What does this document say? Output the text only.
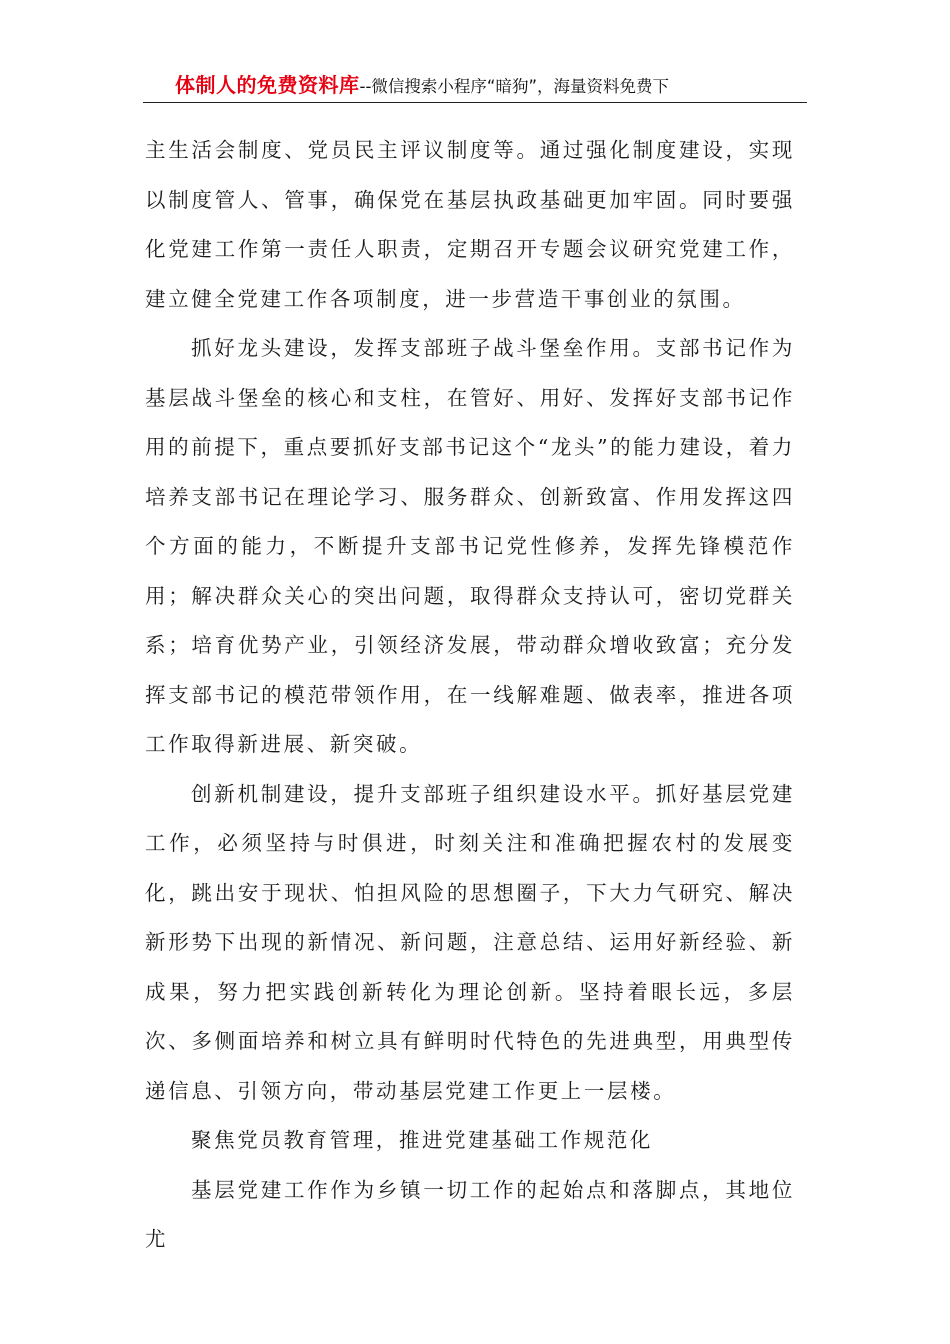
体制人的免费资料库--微信搜索小程序“暗狗”，海量资料免费下

主生活会制度、党员民主评议制度等。通过强化制度建设，实现以制度管人、管事，确保党在基层执政基础更加牢固。同时要强化党建工作第一责任人职责，定期召开专题会议研究党建工作，建立健全党建工作各项制度，进一步营造干事创业的氛围。

抓好龙头建设，发挥支部班子战斗堡垒作用。支部书记作为基层战斗堡垒的核心和支柱，在管好、用好、发挥好支部书记作用的前提下，重点要抓好支部书记这个“龙头”的能力建设，着力培养支部书记在理论学习、服务群众、创新致富、作用发挥这四个方面的能力，不断提升支部书记党性修养，发挥先锋模范作用；解决群众关心的突出问题，取得群众支持认可，密切党群关系；培育优势产业，引领经济发展，带动群众增收致富；充分发挥支部书记的模范带领作用，在一线解难题、做表率，推进各项工作取得新进展、新突破。

创新机制建设，提升支部班子组织建设水平。抓好基层党建工作，必须坚持与时俱进，时刻关注和准确把握农村的发展变化，跳出安于现状、怕担风险的思想圈子，下大力气研究、解决新形势下出现的新情况、新问题，注意总结、运用好新经验、新成果，努力把实践创新转化为理论创新。坚持着眼长远，多层次、多侧面培养和树立具有鲜明时代特色的先进典型，用典型传递信息、引领方向，带动基层党建工作更上一层楼。

聚焦党员教育管理，推进党建基础工作规范化

基层党建工作作为乡镇一切工作的起始点和落脚点，其地位尤
